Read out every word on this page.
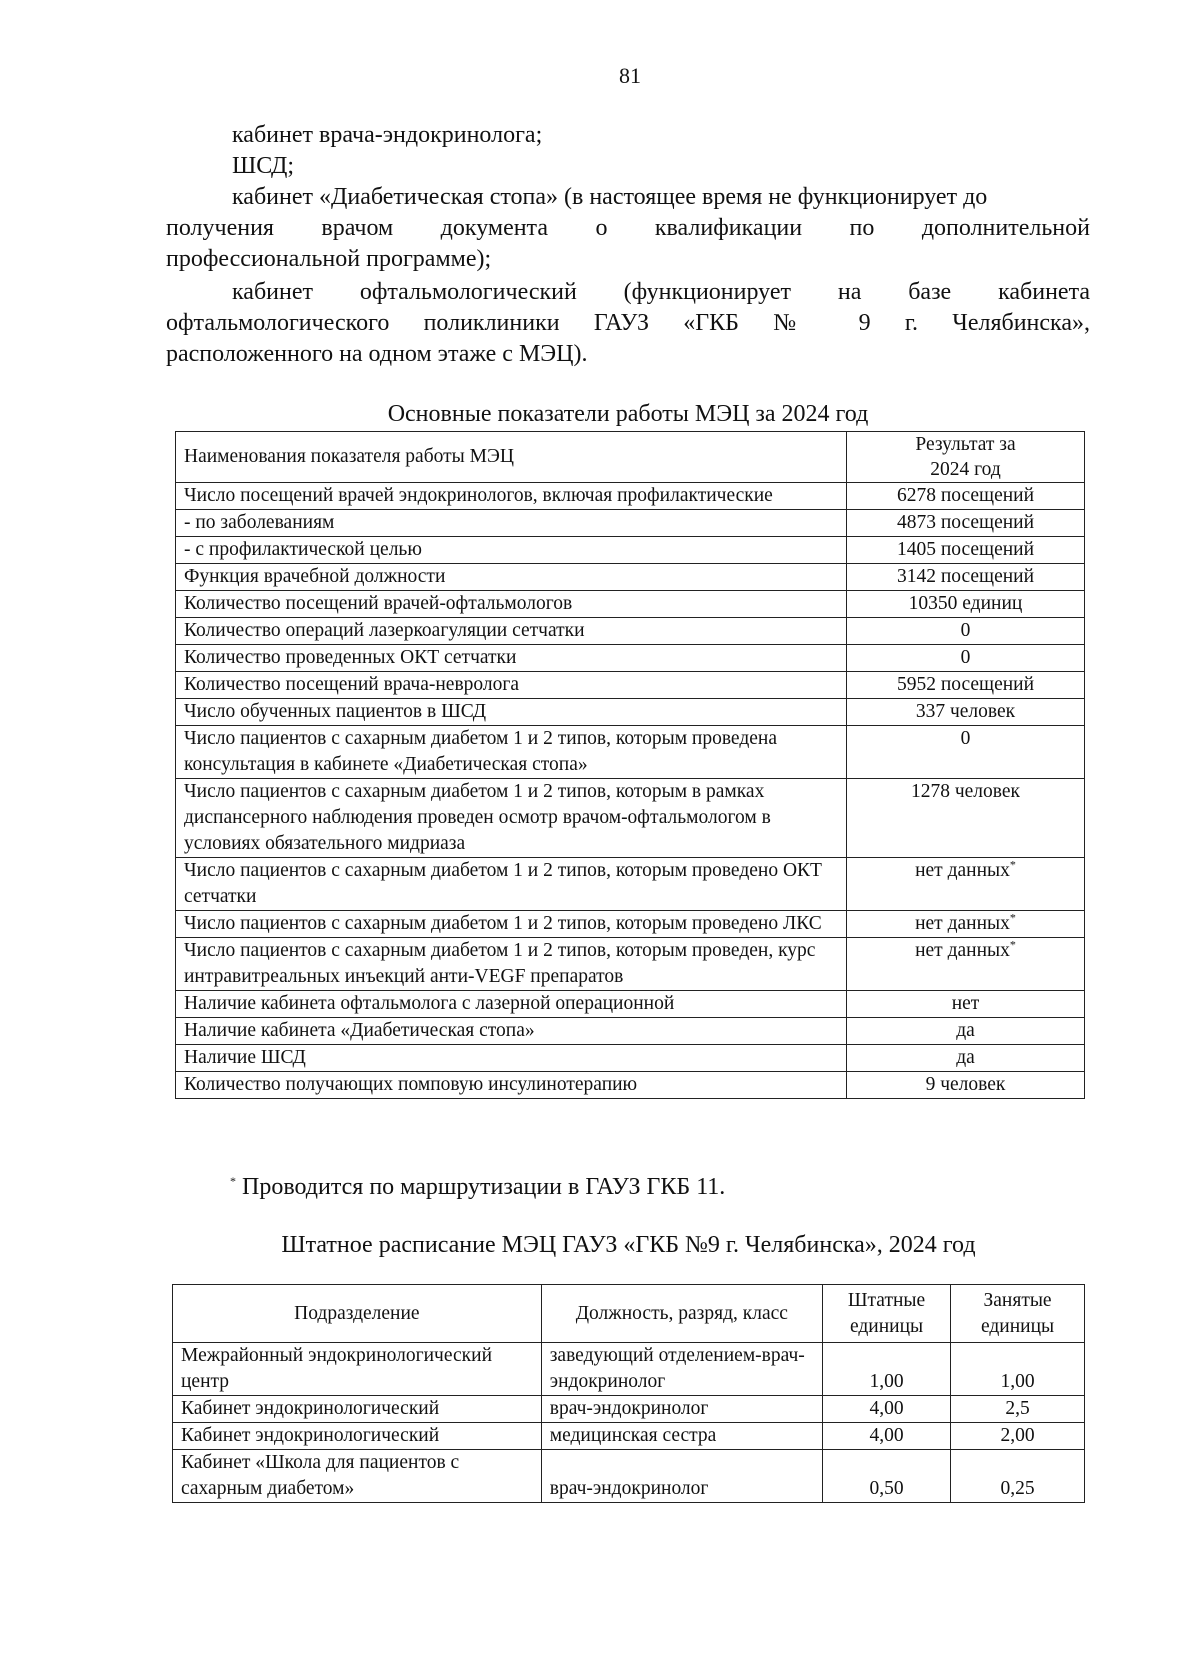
81
кабинет врача-эндокринолога;
ШСД;
кабинет «Диабетическая стопа» (в настоящее время не функционирует до
получения врачом документа о квалификации по дополнительной
профессиональной программе);
кабинет офтальмологический (функционирует на базе кабинета
офтальмологического поликлиники ГАУЗ «ГКБ № 9 г. Челябинска»,
расположенного на одном этаже с МЭЦ).
Основные показатели работы МЭЦ за 2024 год
Наименования показателя работы МЭЦ	Результат за
2024 год

Число посещений врачей эндокринологов, включая профилактические	6278 посещений
- по заболеваниям	4873 посещений
- с профилактической целью	1405 посещений
Функция врачебной должности	3142 посещений
Количество посещений врачей-офтальмологов	10350 единиц
Количество операций лазеркоагуляции сетчатки	0
Количество проведенных ОКТ сетчатки	0
Количество посещений врача-невролога	5952 посещений
Число обученных пациентов в ШСД	337 человек
Число пациентов с сахарным диабетом 1 и 2 типов, которым проведена консультация в кабинете «Диабетическая стопа»	0
Число пациентов с сахарным диабетом 1 и 2 типов, которым в рамках диспансерного наблюдения проведен осмотр врачом-офтальмологом в условиях обязательного мидриаза	1278 человек
Число пациентов с сахарным диабетом 1 и 2 типов, которым проведено ОКТ сетчатки	нет данных*
Число пациентов с сахарным диабетом 1 и 2 типов, которым проведено ЛКС	нет данных*
Число пациентов с сахарным диабетом 1 и 2 типов, которым проведен, курс интравитреальных инъекций анти-VEGF препаратов	нет данных*
Наличие кабинета офтальмолога с лазерной операционной	нет
Наличие кабинета «Диабетическая стопа»	да
Наличие ШСД	да
Количество получающих помповую инсулинотерапию	9 человек
* Проводится по маршрутизации в ГАУЗ ГКБ 11.
Штатное расписание МЭЦ ГАУЗ «ГКБ №9 г. Челябинска», 2024 год
Подразделение	Должность, разряд, класс	Штатные единицы	Занятые единицы
Межрайонный эндокринологический центр	заведующий отделением-врач-эндокринолог	1,00	1,00
Кабинет эндокринологический	врач-эндокринолог	4,00	2,5
Кабинет эндокринологический	медицинская сестра	4,00	2,00
Кабинет «Школа для пациентов с сахарным диабетом»	врач-эндокринолог	0,50	0,25
